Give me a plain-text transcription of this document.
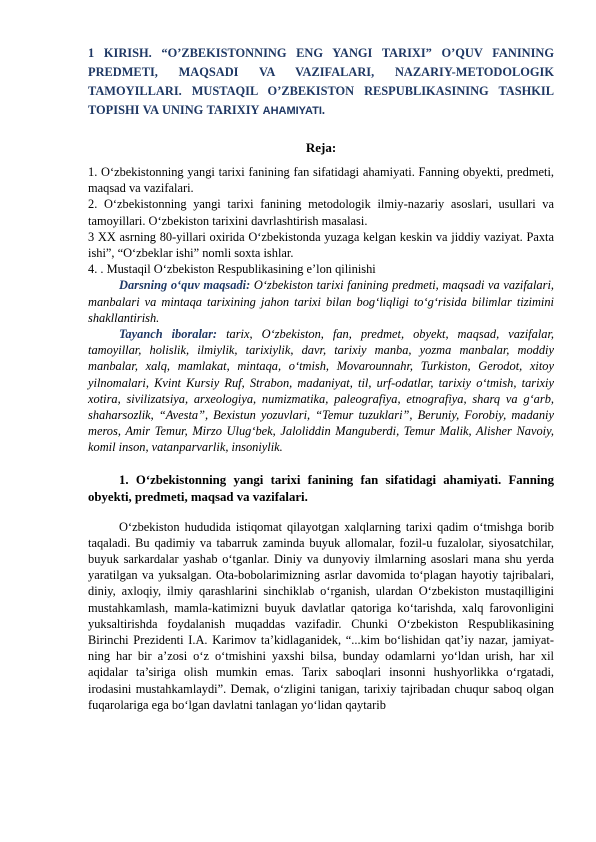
1 KIRISH. “O’ZBEKISTONNING ENG YANGI TARIXI” O’QUV FANINING PREDMETI, MAQSADI VA VAZIFALARI, NAZARIY-METODOLOGIK TAMOYILLARI. MUSTAQIL O’ZBEKISTON RESPUBLIKASINING TASHKIL TOPISHI VA UNING TARIXIY AHAMIYATI.

Reja:

1. O‘zbekistonning yangi tarixi fanining fan sifatidagi ahamiyati. Fanning obyekti, predmeti, maqsad va vazifalari.

2. O‘zbekistonning yangi tarixi fanining metodologik ilmiy-nazariy asoslari, usullari va tamoyillari. O‘zbekiston tarixini davrlashtirish masalasi.

3 XX asrning 80-yillari oxirida O‘zbekistonda yuzaga kelgan keskin va jiddiy vaziyat. Paxta ishi”, “O‘zbeklar ishi” nomli soxta ishlar.

4. . Mustaqil O‘zbekiston Respublikasining e’lon qilinishi

Darsning o‘quv maqsadi: O‘zbekiston tarixi fanining predmeti, maqsadi va vazifalari, manbalari va mintaqa tarixining jahon tarixi bilan bog‘liqligi to‘g‘risida bilimlar tizimini shakllantirish.

Tayanch iboralar: tarix, O‘zbekiston, fan, predmet, obyekt, maqsad, vazifalar, tamoyillar, holislik, ilmiylik, tarixiylik, davr, tarixiy manba, yozma manbalar, moddiy manbalar, xalq, mamlakat, mintaqa, o‘tmish, Movarounnahr, Turkiston, Gerodot, xitoy yilnomalari, Kvint Kursiy Ruf, Strabon, madaniyat, til, urf-odatlar, tarixiy o‘tmish, tarixiy xotira, sivilizatsiya, arxeologiya, numizmatika, paleografiya, etnografiya, sharq va g‘arb, shaharsozlik, “Avesta”, Bexistun yozuvlari, “Temur tuzuklari”, Beruniy, Forobiy, madaniy meros, Amir Temur, Mirzo Ulug‘bek, Jaloliddin Manguberdi, Temur Malik, Alisher Navoiy, komil inson, vatanparvarlik, insoniylik.

1. O‘zbekistonning yangi tarixi fanining fan sifatidagi ahamiyati. Fanning obyekti, predmeti, maqsad va vazifalari.

O‘zbekiston hududida istiqomat qilayotgan xalqlarning tarixi qadim o‘tmishga borib taqaladi. Bu qadimiy va tabarruk zaminda buyuk allomalar, fozil-u fuzalolar, siyosatchilar, buyuk sarkardalar yashab o‘tganlar. Diniy va dunyoviy ilmlarning asoslari mana shu yerda yaratilgan va yuksalgan. Ota-bobolarimizning asrlar davomida to‘plagan hayotiy tajribalari, diniy, axloqiy, ilmiy qarashlarini sinchiklab o‘rganish, ulardan O‘zbekiston mustaqilligini mustahkamlash, mamla-katimizni buyuk davlatlar qatoriga ko‘tarishda, xalq farovonligini yuksaltirishda foydalanish muqaddas vazifadir. Chunki O‘zbekiston Respublikasining Birinchi Prezidenti I.A. Karimov ta’kidlaganidek, “...kim bo‘lishidan qat’iy nazar, jamiyat-ning har bir a’zosi o‘z o‘tmishini yaxshi bilsa, bunday odamlarni yo‘ldan urish, har xil aqidalar ta’siriga olish mumkin emas. Tarix saboqlari insonni hushyorlikka o‘rgatadi, irodasini mustahkamlaydi”. Demak, o‘zligini tanigan, tarixiy tajribadan chuqur saboq olgan fuqarolariga ega bo‘lgan davlatni tanlagan yo‘lidan qaytarib
